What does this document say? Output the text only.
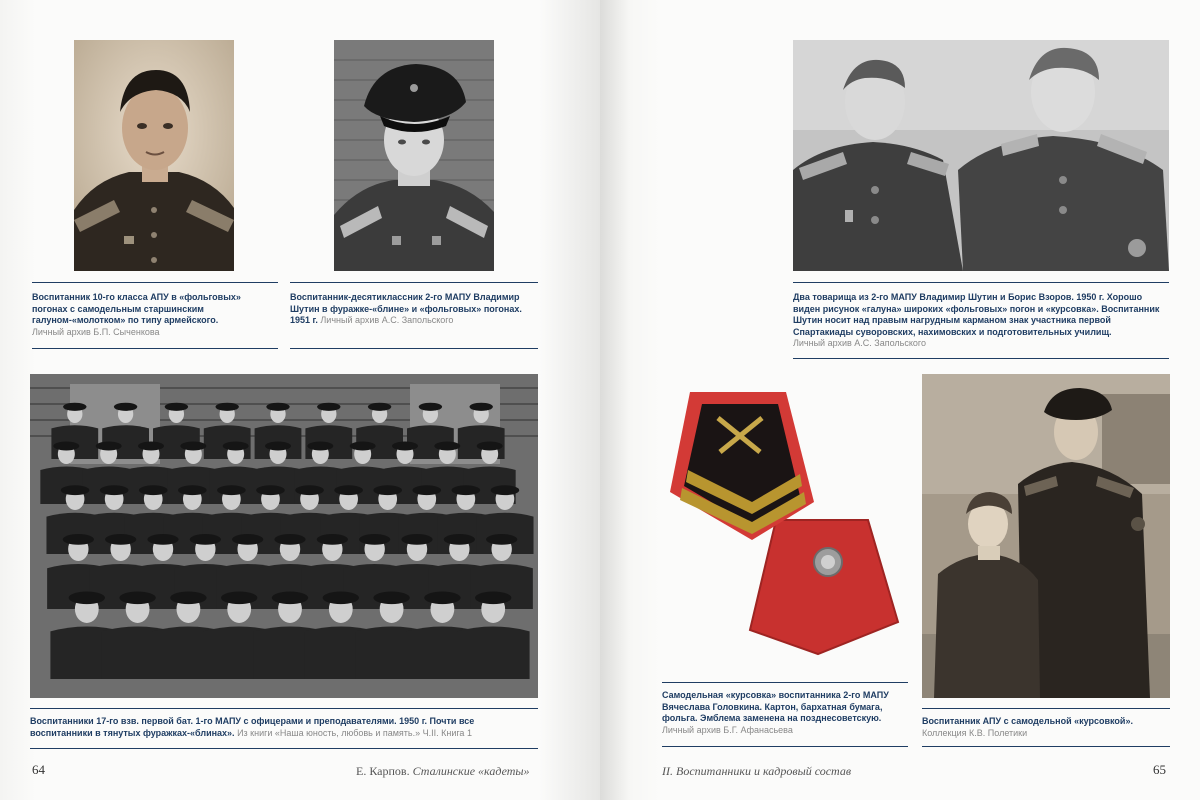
Воспитанник 10-го класса АПУ в «фольговых» погонах с самодельным старшинским галуном-«молотком» по типу армейского.
Личный архив Б.П. Сыченкова

Воспитанник-десятиклассник 2-го МАПУ Владимир Шутин в фуражке-«блине» и «фольговых» погонах. 1951 г. Личный архив А.С. Запольского

Воспитанники 17-го взв. первой бат. 1-го МАПУ с офицерами и преподавателями. 1950 г. Почти все воспитанники в тянутых фуражках-«блинах». Из книги «Наша юность, любовь и память.» Ч.II. Книга 1

64	Е. Карпов. Сталинские «кадеты»

Два товарища из 2-го МАПУ Владимир Шутин и Борис Взоров. 1950 г. Хорошо виден рисунок «галуна» широких «фольговых» погон и «курсовка». Воспитанник Шутин носит над правым нагрудным карманом знак участника первой Спартакиады суворовских, нахимовских и подготовительных училищ.
Личный архив А.С. Запольского

Самодельная «курсовка» воспитанника 2-го МАПУ Вячеслава Головкина. Картон, бархатная бумага, фольга. Эмблема заменена на позднесоветскую.
Личный архив Б.Г. Афанасьева

Воспитанник АПУ с самодельной «курсовкой».
Коллекция К.В. Полетики

II. Воспитанники и кадровый состав	65
